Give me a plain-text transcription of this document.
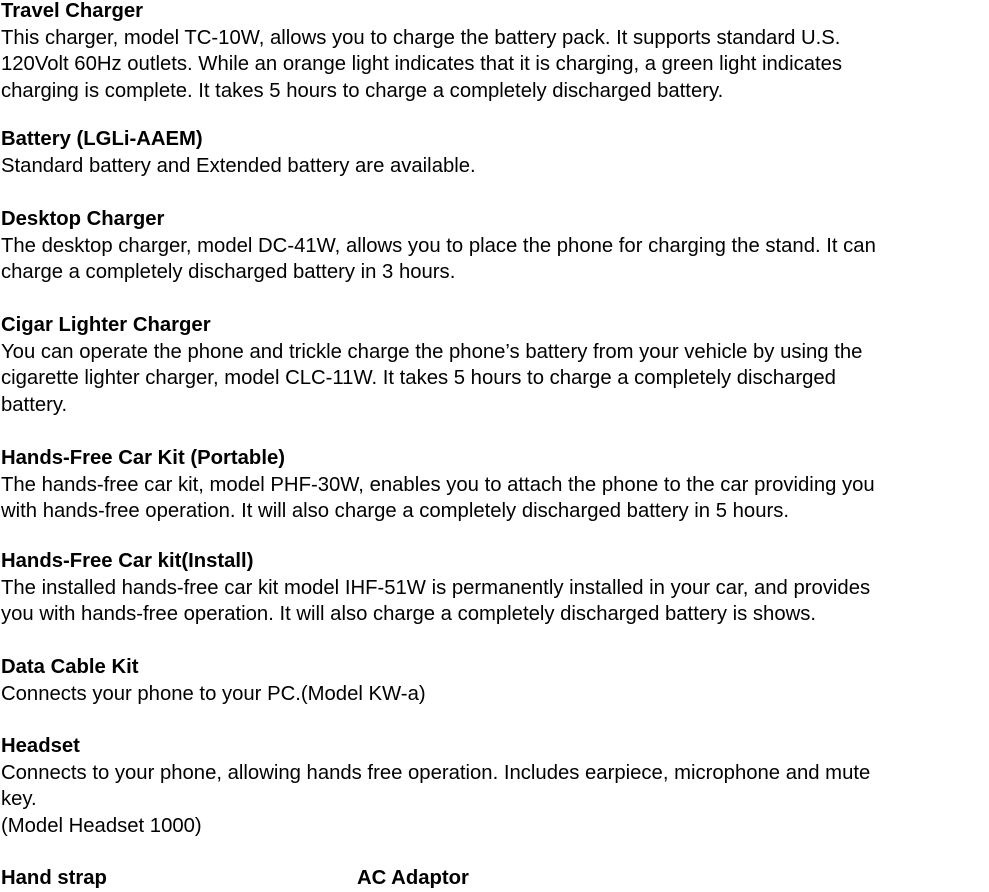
Travel Charger
This charger, model TC-10W, allows you to charge the battery pack. It supports standard U.S.
120Volt 60Hz outlets. While an orange light indicates that it is charging, a green light indicates
charging is complete. It takes 5 hours to charge a completely discharged battery.
Battery (LGLi-AAEM)
Standard battery and Extended battery are available.
Desktop Charger
The desktop charger, model DC-41W, allows you to place the phone for charging the stand. It can
charge a completely discharged battery in 3 hours.
Cigar Lighter Charger
You can operate the phone and trickle charge the phone’s battery from your vehicle by using the
cigarette lighter charger, model CLC-11W. It takes 5 hours to charge a completely discharged
battery.
Hands-Free Car Kit (Portable)
The hands-free car kit, model PHF-30W, enables you to attach the phone to the car providing you
with hands-free operation. It will also charge a completely discharged battery in 5 hours.
Hands-Free Car kit(Install)
The installed hands-free car kit model IHF-51W is permanently installed in your car, and provides
you with hands-free operation. It will also charge a completely discharged battery is shows.
Data Cable Kit
Connects your phone to your PC.(Model KW-a)
Headset
Connects to your phone, allowing hands free operation. Includes earpiece, microphone and mute
key.
(Model Headset 1000)
Hand strap	AC Adaptor
